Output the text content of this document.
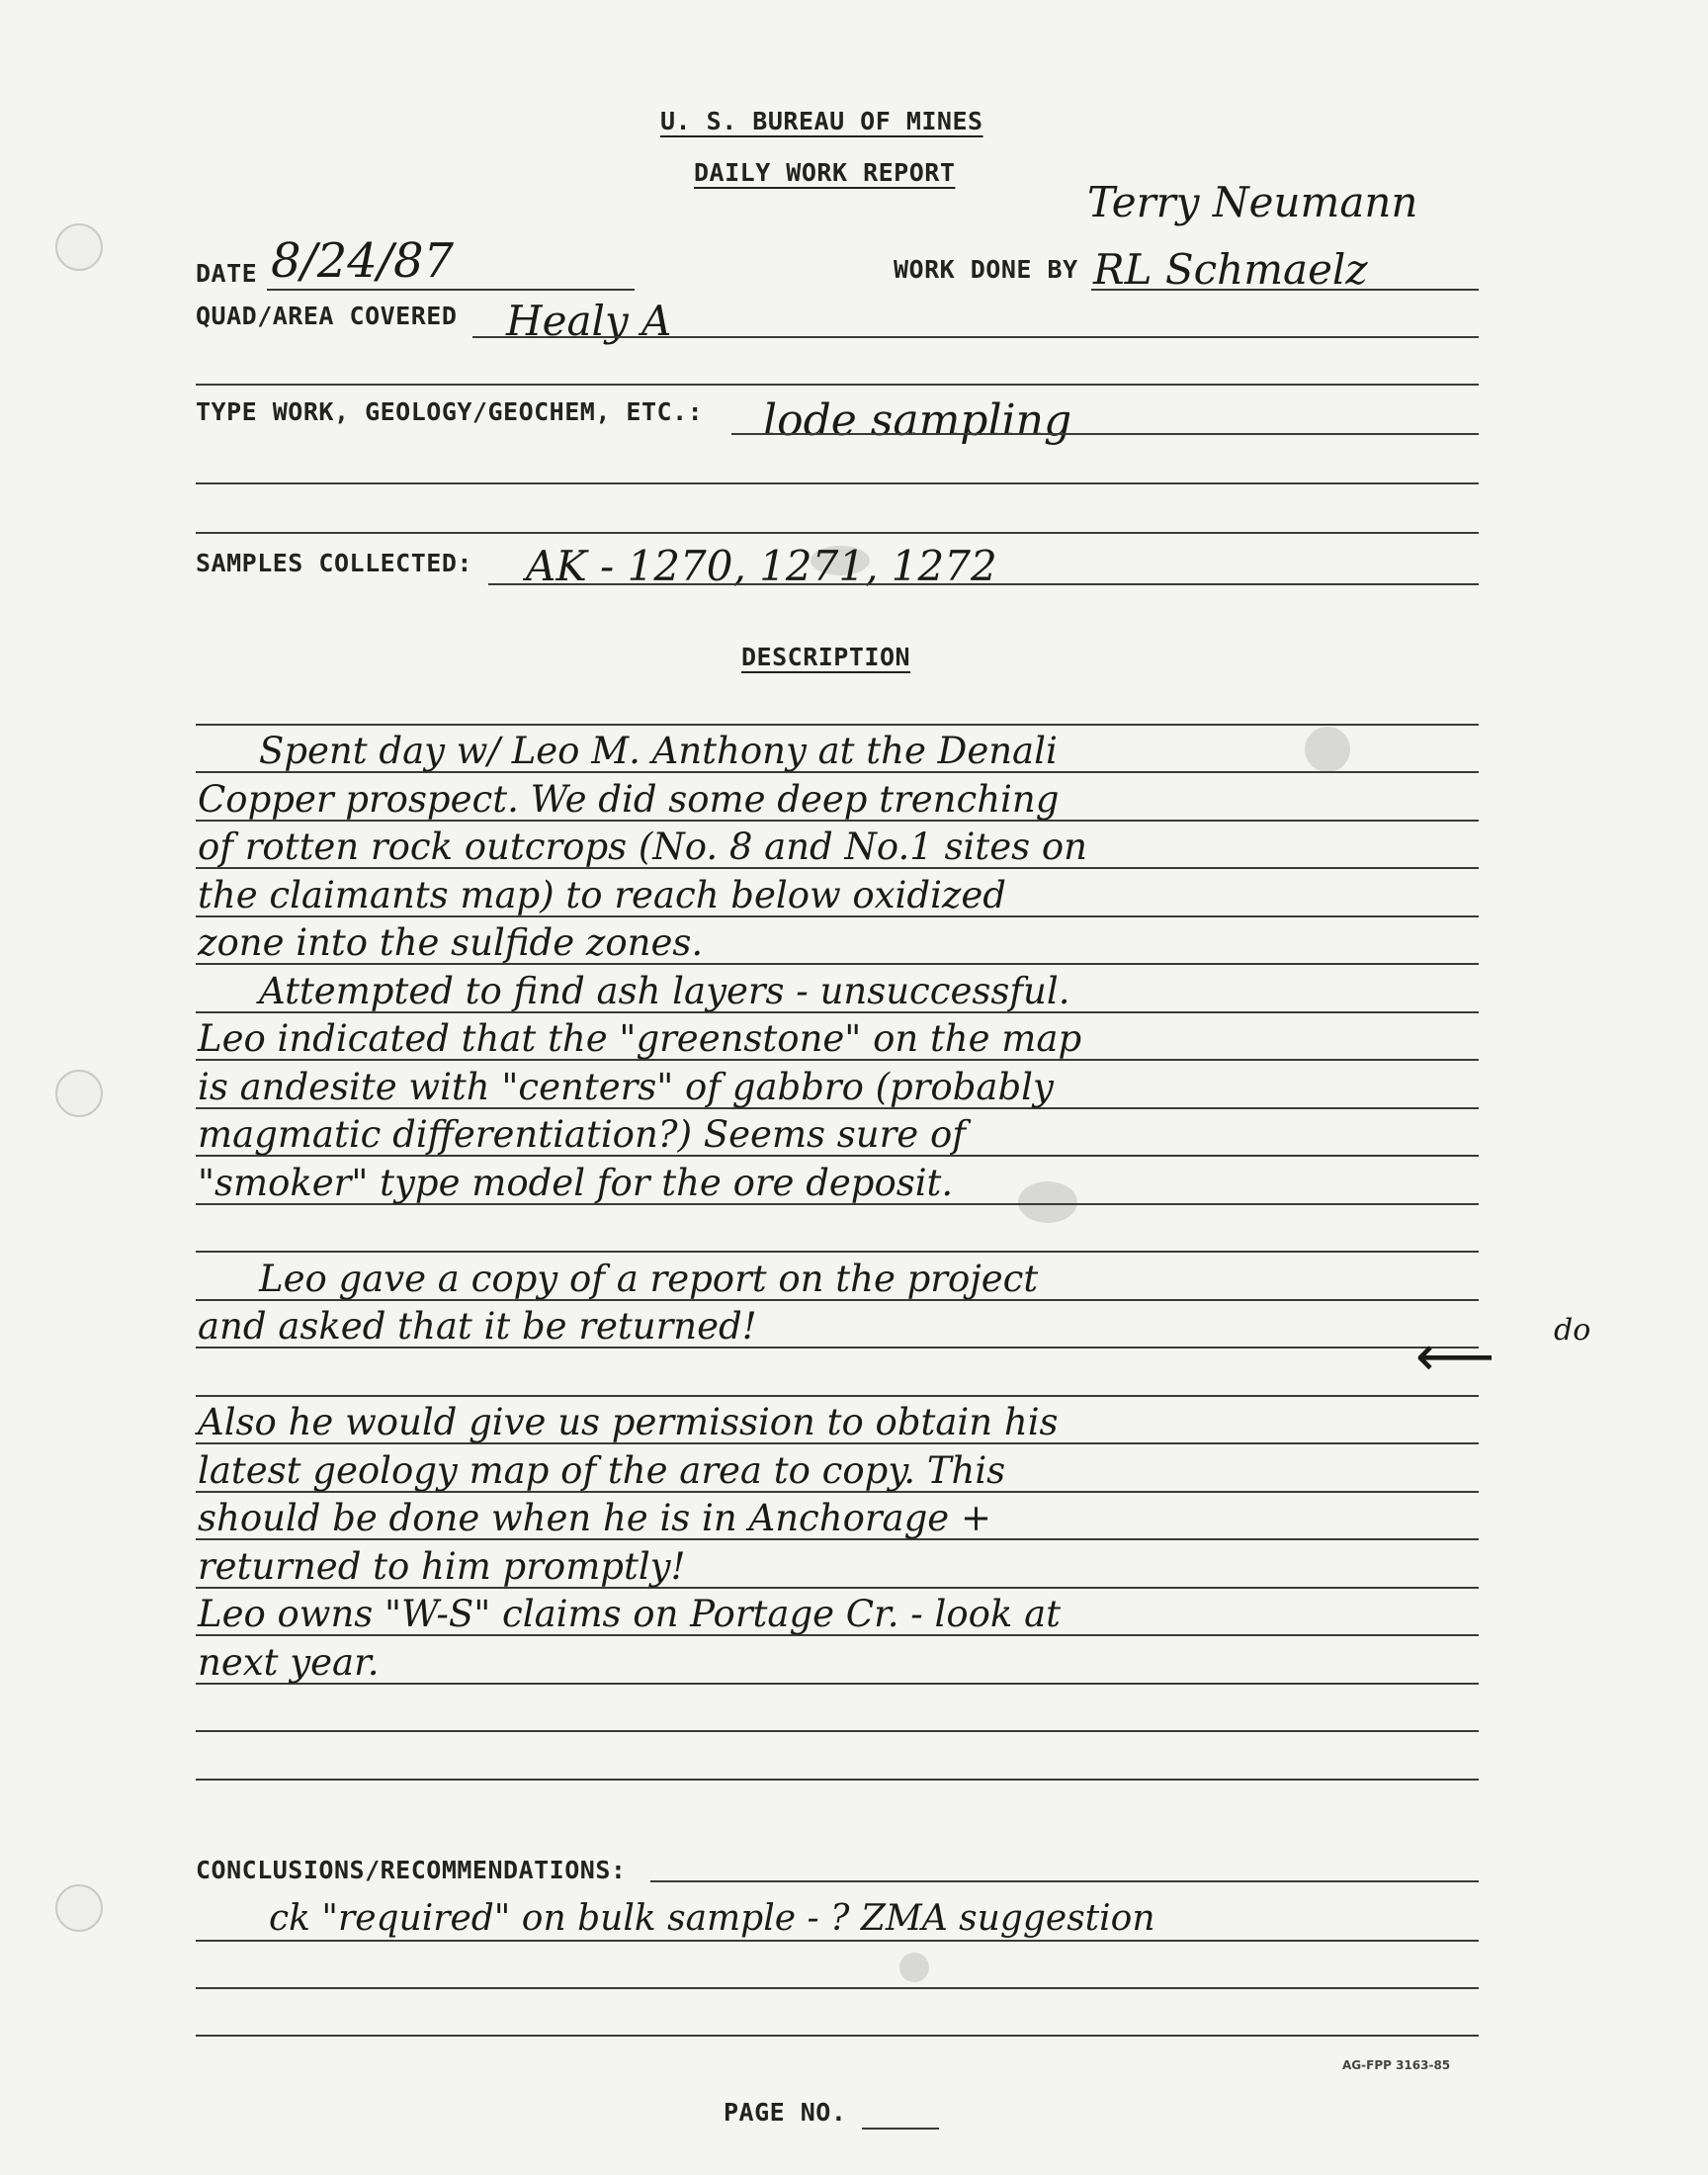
U. S. BUREAU OF MINES
DAILY WORK REPORT
DATE 8/24/87
Terry Neumann
WORK DONE BY RL Schmaelz
QUAD/AREA COVERED Healy A
TYPE WORK, GEOLOGY/GEOCHEM, ETC.: lode sampling
SAMPLES COLLECTED: AK - 1270, 1271, 1272
DESCRIPTION
Spent day w/ Leo M. Anthony at the Denali
Copper prospect. We did some deep trenching
of rotten rock outcrops (No. 8 and No.1 sites on
the claimants map) to reach below oxidized
zone into the sulfide zones.
Attempted to find ash layers - unsuccessful.
Leo indicated that the "greenstone" on the map
is andesite with "centers" of gabbro (probably
magmatic differentiation?) Seems sure of
"smoker" type model for the ore deposit.
Leo gave a copy of a report on the project
and asked that it be returned!
Also he would give us permission to obtain his
latest geology map of the area to copy. This
should be done when he is in Anchorage +
returned to him promptly!
Leo owns "W-S" claims on Portage Cr. - look at
next year.
⟵ do
CONCLUSIONS/RECOMMENDATIONS:
ck "required" on bulk sample - ? ZMA suggestion
AG-FPP 3163-85
PAGE NO.
